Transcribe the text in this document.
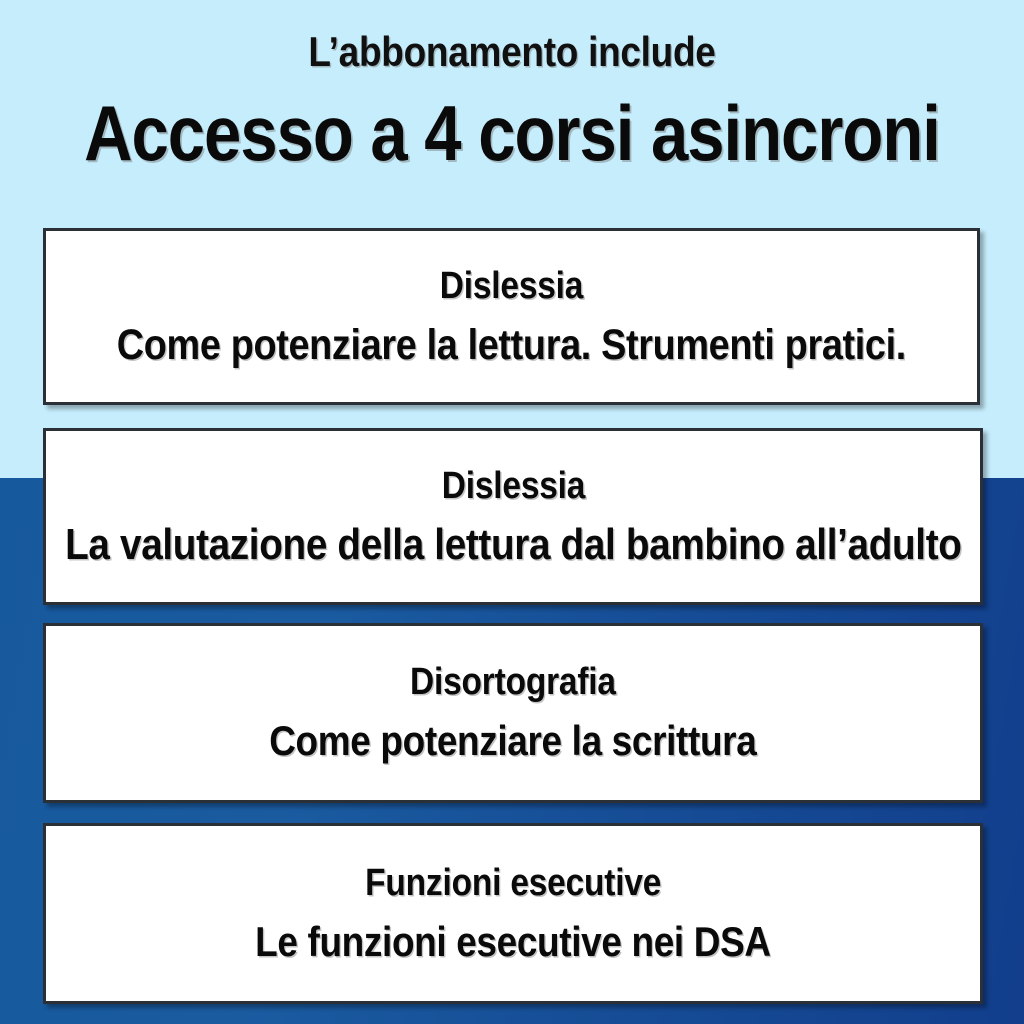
L’abbonamento include

Accesso a 4 corsi asincroni

Dislessia

Come potenziare la lettura. Strumenti pratici.

Dislessia

La valutazione della lettura dal bambino all’adulto

Disortografia

Come potenziare la scrittura

Funzioni esecutive

Le funzioni esecutive nei DSA
